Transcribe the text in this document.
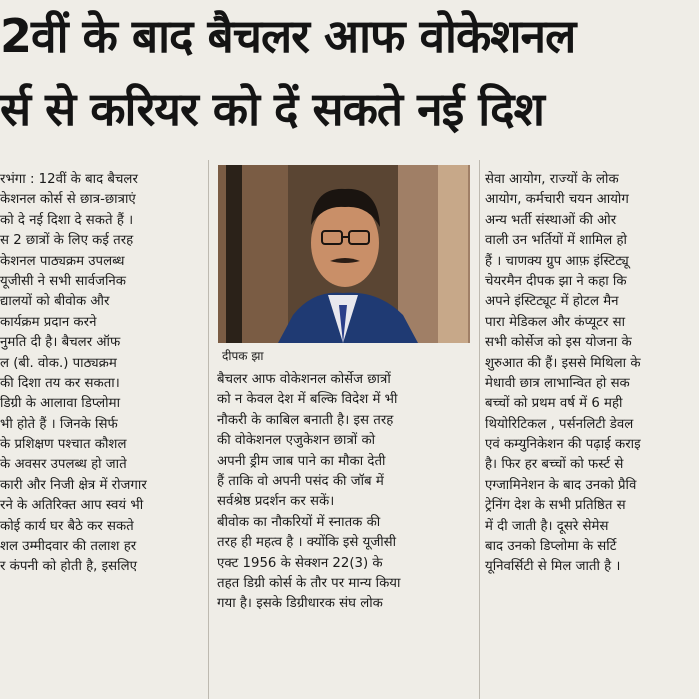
2वीं के बाद बैचलर आफ वोकेशनल
र्स से करियर को दें सकते नई दिश
रभंगा : 12वीं के बाद बैचलर
केशनल कोर्स से छात्र-छात्राएं
को दे नई दिशा दे सकते हैं ।
स 2 छात्रों के लिए कई तरह
केशनल पाठ्यक्रम उपलब्ध
यूजीसी ने सभी सार्वजनिक
द्यालयों को बीवोक और
कार्यक्रम प्रदान करने
नुमति दी है। बैचलर ऑफ
ल (बी. वोक.) पाठ्यक्रम
की दिशा तय कर सकता।
डिग्री के आलावा डिप्लोमा
भी होते हैं । जिनके सिर्फ
के प्रशिक्षण पश्चात कौशल
के अवसर उपलब्ध हो जाते
कारी और निजी क्षेत्र में रोजगार
रने के अतिरिक्त आप स्वयं भी
कोई कार्य घर बैठे कर सकते
शल उम्मीदवार की तलाश हर
र कंपनी को होती है, इसलिए
दीपक झा
बैचलर आफ वोकेशनल कोर्सेज छात्रों
को न केवल देश में बल्कि विदेश में भी
नौकरी के काबिल बनाती है। इस तरह
की वोकेशनल एजुकेशन छात्रों को
अपनी ड्रीम जाब पाने का मौका देती
हैं ताकि वो अपनी पसंद की जॉब में
सर्वश्रेष्ठ प्रदर्शन कर सकें।
बीवोक का नौकरियों में स्नातक की
तरह ही महत्व है । क्योंकि इसे यूजीसी
एक्ट 1956 के सेक्शन 22(3) के
तहत डिग्री कोर्स के तौर पर मान्य किया
गया है। इसके डिग्रीधारक संघ लोक
सेवा आयोग, राज्यों के लोक
आयोग, कर्मचारी चयन आयोग
अन्य भर्ती संस्थाओं की ओर
वाली उन भर्तियों में शामिल हो
हैं । चाणक्य ग्रुप आफ़ इंस्टिट्यू
चेयरमैन दीपक झा ने कहा कि
अपने इंस्टिट्यूट में होटल मैन
पारा मेडिकल और कंप्यूटर सा
सभी कोर्सेज को इस योजना के
शुरुआत की हैं। इससे मिथिला के
मेधावी छात्र लाभान्वित हो सक
बच्चों को प्रथम वर्ष में 6 मही
थियोरिटिकल , पर्सनलिटी डेवल
एवं कम्युनिकेशन की पढ़ाई कराइ
है। फिर हर बच्चों को फर्स्ट से
एग्जामिनेशन के बाद उनको प्रैवि
ट्रेनिंग देश के सभी प्रतिष्ठित स
में दी जाती है। दूसरे सेमेस
बाद उनको डिप्लोमा के सर्टि
यूनिवर्सिटी से मिल जाती है ।
